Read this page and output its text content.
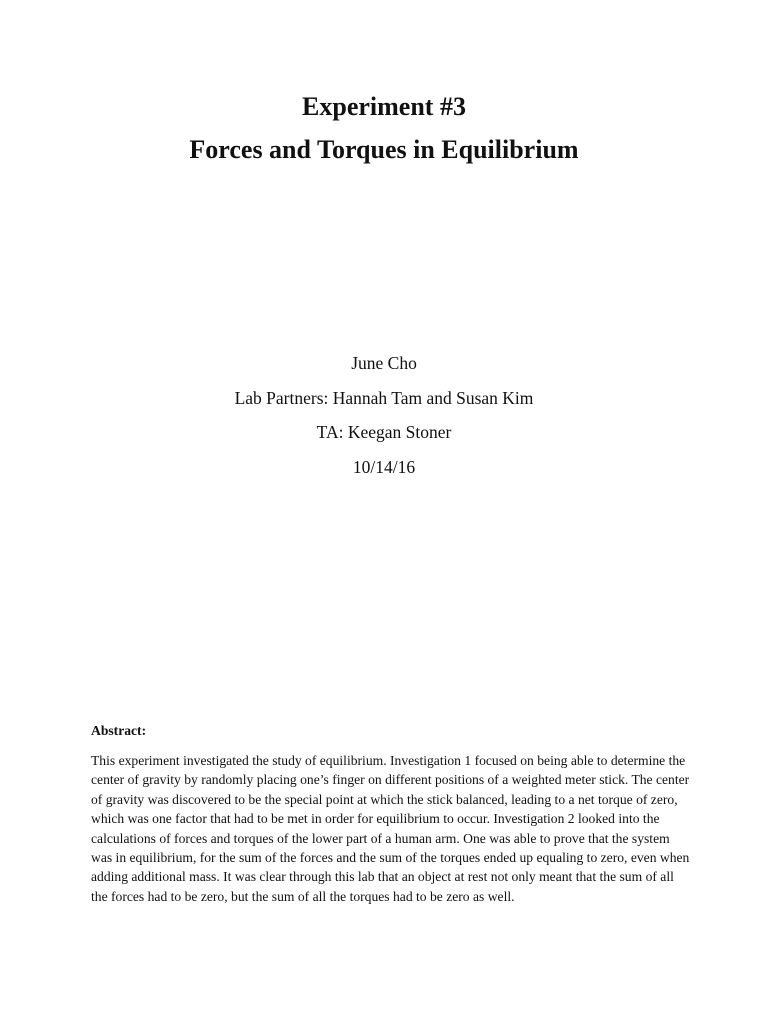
Experiment #3
Forces and Torques in Equilibrium

June Cho

Lab Partners: Hannah Tam and Susan Kim

TA: Keegan Stoner

10/14/16

Abstract:

This experiment investigated the study of equilibrium. Investigation 1 focused on being able to determine the center of gravity by randomly placing one’s finger on different positions of a weighted meter stick. The center of gravity was discovered to be the special point at which the stick balanced, leading to a net torque of zero, which was one factor that had to be met in order for equilibrium to occur. Investigation 2 looked into the calculations of forces and torques of the lower part of a human arm. One was able to prove that the system was in equilibrium, for the sum of the forces and the sum of the torques ended up equaling to zero, even when adding additional mass. It was clear through this lab that an object at rest not only meant that the sum of all the forces had to be zero, but the sum of all the torques had to be zero as well.
